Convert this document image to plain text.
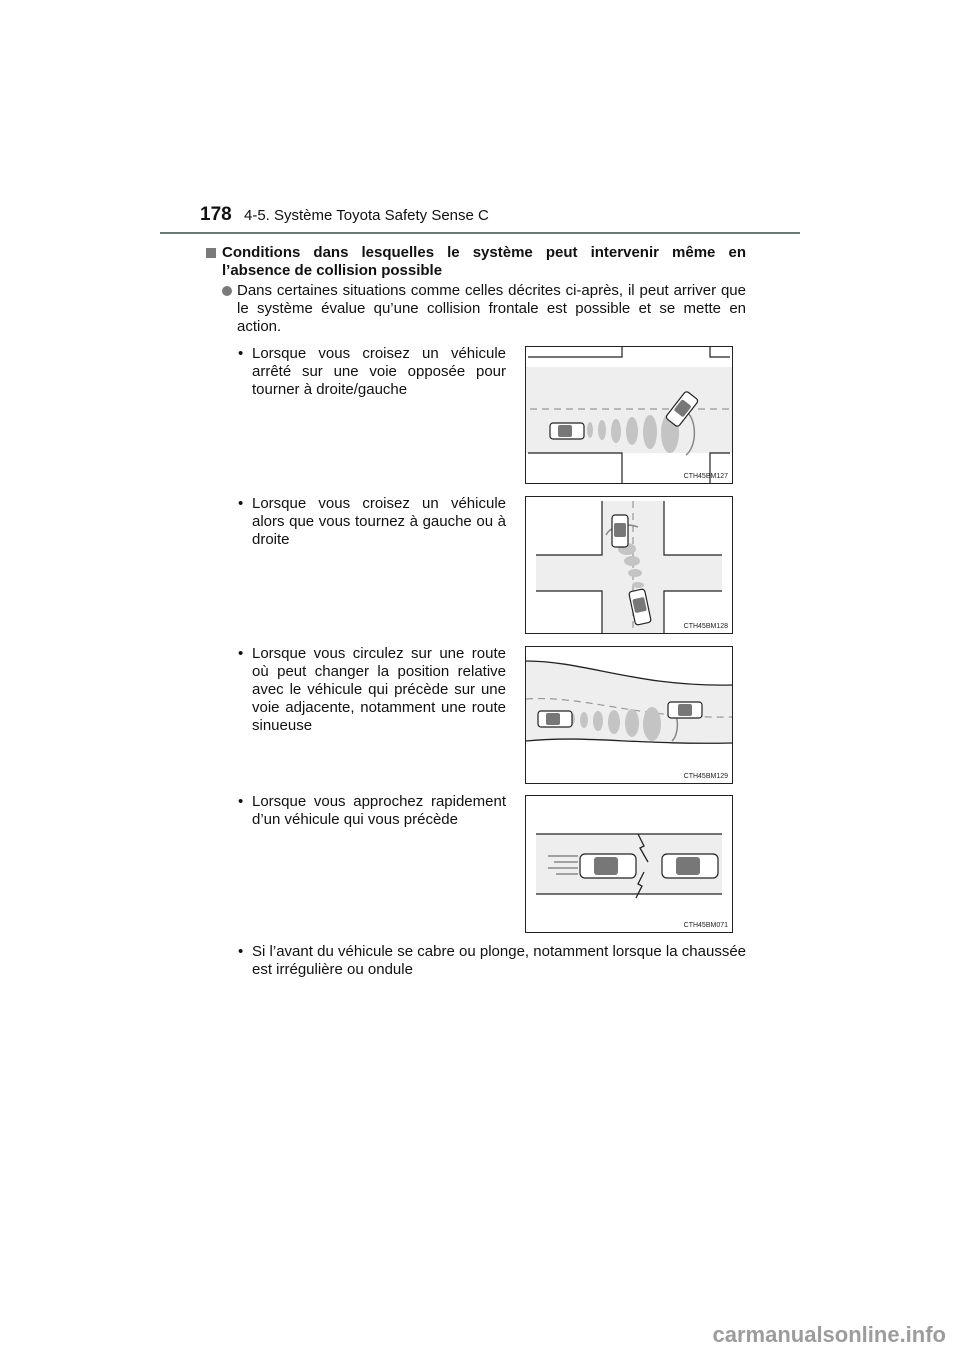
178 4-5. Système Toyota Safety Sense C
Conditions dans lesquelles le système peut intervenir même en l’absence de collision possible
Dans certaines situations comme celles décrites ci-après, il peut arriver que le système évalue qu’une collision frontale est possible et se mette en action.
• Lorsque vous croisez un véhicule arrêté sur une voie opposée pour tourner à droite/gauche
CTH45BM127
• Lorsque vous croisez un véhicule alors que vous tournez à gauche ou à droite
CTH45BM128
• Lorsque vous circulez sur une route où peut changer la position relative avec le véhicule qui précède sur une voie adjacente, notamment une route sinueuse
CTH45BM129
• Lorsque vous approchez rapidement d’un véhicule qui vous précède
CTH45BM071
• Si l’avant du véhicule se cabre ou plonge, notamment lorsque la chaussée est irrégulière ou ondule
carmanualsonline.info
